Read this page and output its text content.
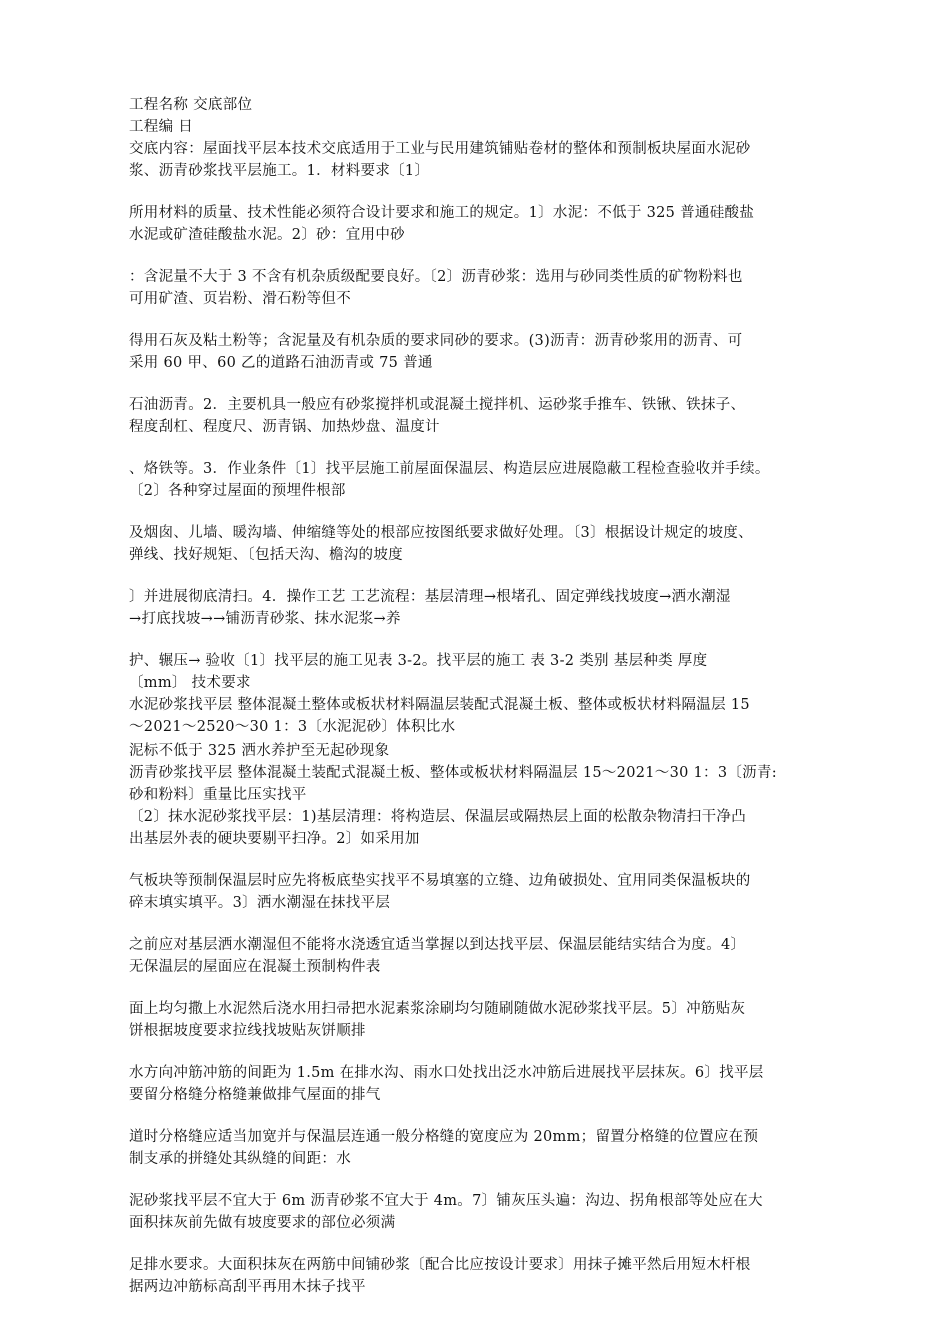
工程名称 交底部位
工程编 日
交底内容：屋面找平层本技术交底适用于工业与民用建筑铺贴卷材的整体和预制板块屋面水泥砂
浆、沥青砂浆找平层施工。1．材料要求〔1〕
所用材料的质量、技术性能必须符合设计要求和施工的规定。1〕水泥：不低于 325 普通硅酸盐
水泥或矿渣硅酸盐水泥。2〕砂：宜用中砂
：含泥量不大于 3 不含有机杂质级配要良好。〔2〕沥青砂浆：选用与砂同类性质的矿物粉料也
可用矿渣、页岩粉、滑石粉等但不
得用石灰及粘土粉等；含泥量及有机杂质的要求同砂的要求。(3)沥青：沥青砂浆用的沥青、可
采用 60 甲、60 乙的道路石油沥青或 75 普通
石油沥青。2．主要机具一般应有砂浆搅拌机或混凝土搅拌机、运砂浆手推车、铁锹、铁抹子、
程度刮杠、程度尺、沥青锅、加热炒盘、温度计
、烙铁等。3．作业条件〔1〕找平层施工前屋面保温层、构造层应进展隐蔽工程检查验收并手续。
〔2〕各种穿过屋面的预埋件根部
及烟囱、儿墙、暖沟墙、伸缩缝等处的根部应按图纸要求做好处理。〔3〕根据设计规定的坡度、
弹线、找好规矩、〔包括天沟、檐沟的坡度
〕并进展彻底清扫。4．操作工艺 工艺流程：基层清理→根堵孔、固定弹线找坡度→洒水潮湿
→打底找坡→→铺沥青砂浆、抹水泥浆→养
护、辗压→ 验收〔1〕找平层的施工见表 3-2。找平层的施工 表 3-2 类别 基层种类 厚度
〔mm〕 技术要求
水泥砂浆找平层 整体混凝土整体或板状材料隔温层装配式混凝土板、整体或板状材料隔温层 15
～2021～2520～30 1：3〔水泥泥砂〕体积比水
泥标不低于 325 洒水养护至无起砂现象
沥青砂浆找平层 整体混凝土装配式混凝土板、整体或板状材料隔温层 15～2021～30 1：3〔沥青:
砂和粉料〕重量比压实找平
〔2〕抹水泥砂浆找平层：1)基层清理：将构造层、保温层或隔热层上面的松散杂物清扫干净凸
出基层外表的硬块要剔平扫净。2〕如采用加
气板块等预制保温层时应先将板底垫实找平不易填塞的立缝、边角破损处、宜用同类保温板块的
碎末填实填平。3〕洒水潮湿在抹找平层
之前应对基层洒水潮湿但不能将水浇透宜适当掌握以到达找平层、保温层能结实结合为度。4〕
无保温层的屋面应在混凝土预制构件表
面上均匀撒上水泥然后浇水用扫帚把水泥素浆涂刷均匀随刷随做水泥砂浆找平层。5〕冲筋贴灰
饼根据坡度要求拉线找坡贴灰饼顺排
水方向冲筋冲筋的间距为 1.5m 在排水沟、雨水口处找出泛水冲筋后进展找平层抹灰。6〕找平层
要留分格缝分格缝兼做排气屋面的排气
道时分格缝应适当加宽并与保温层连通一般分格缝的宽度应为 20mm；留置分格缝的位置应在预
制支承的拼缝处其纵缝的间距：水
泥砂浆找平层不宜大于 6m 沥青砂浆不宜大于 4m。7〕铺灰压头遍：沟边、拐角根部等处应在大
面积抹灰前先做有坡度要求的部位必须满
足排水要求。大面积抹灰在两筋中间铺砂浆〔配合比应按设计要求〕用抹子摊平然后用短木杆根
据两边冲筋标高刮平再用木抹子找平
